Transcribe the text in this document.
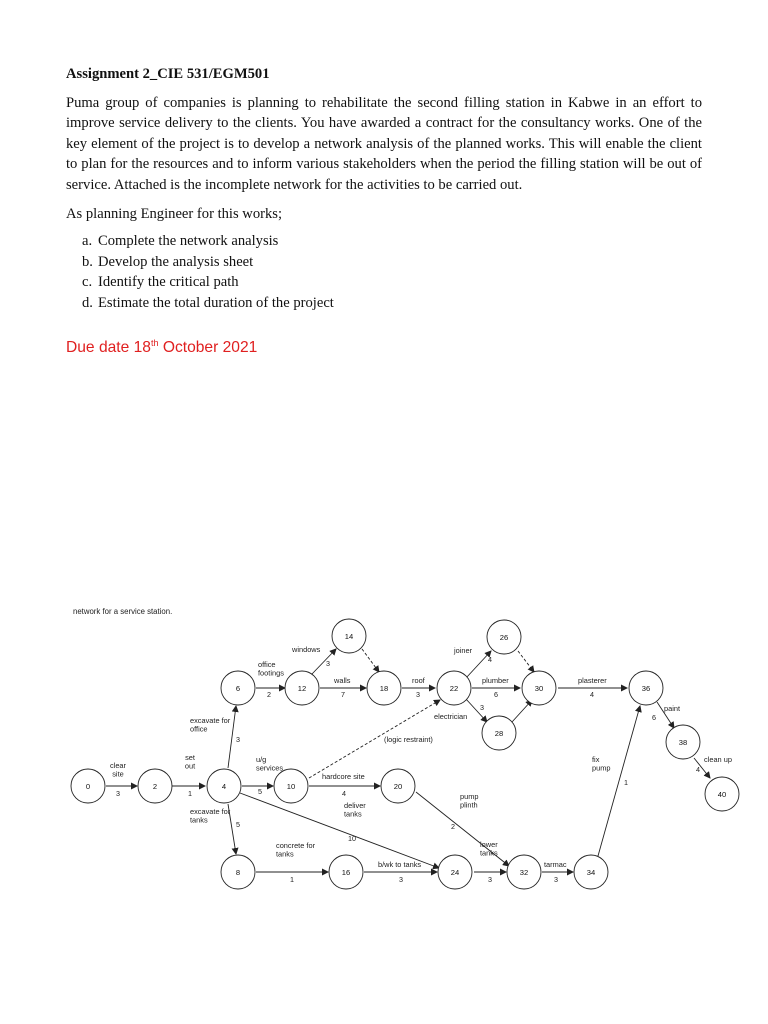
Assignment 2_CIE 531/EGM501

Puma group of companies is planning to rehabilitate the second filling station in Kabwe in an effort to improve service delivery to the clients. You have awarded a contract for the consultancy works. One of the key element of the project is to develop a network analysis of the planned works. This will enable the client to plan for the resources and to inform various stakeholders when the period the filling station will be out of service. Attached is the incomplete network for the activities to be carried out.

As planning Engineer for this works;
a. Complete the network analysis
b. Develop the analysis sheet
c. Identify the critical path
d. Estimate the total duration of the project
Due date 18th October 2021
network for a service station.
0	2	4
6
8
10
12
14
16
18
20
22
24
26
28
30
32	34
36
38
40
clear site
3
set out
1
excavate for office
3
excavate for tanks	5
u/g services
5
deliver tanks
10
office footings
2
windows
3
walls
7
roof
3
(logic restraint)
hardcore site
4	pump plinth
2
concrete for tanks
1
b/wk to tanks
3
lower tanks
3
tarmac
3
fix pump
1
joiner
4
plumber
6
electrician
3
plasterer
4
paint
6
clean up
4
